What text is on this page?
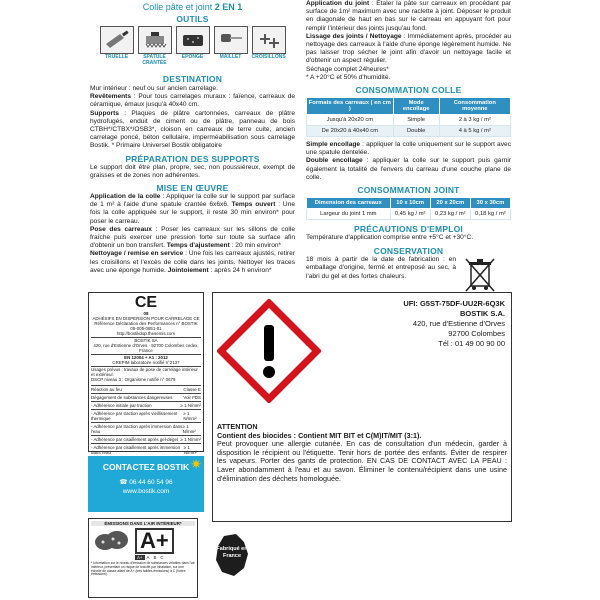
Colle pâte et joint 2 EN 1
OUTILS
TRUELLE	SPATULE CRANTÉE
ÉPONGE	MAILLET	CROISILLONS
DESTINATION
Mur intérieur : neuf ou sur ancien carrelage.
Revêtements : Pour tous carrelages muraux : faïence, carreaux de céramique, émaux jusqu'à 40x40 cm.
Supports : Plaques de plâtre cartonnées, carreaux de plâtre hydrofugés, enduit de ciment ou de plâtre, panneau de bois CTBH*/CTBX*/OSB3*, cloison en carreaux de terre cuite, ancien carrelage poncé, béton cellulaire, imperméabilisation sous carrelage Bostik. * Primaire Universel Bostik obligatoire
PRÉPARATION DES SUPPORTS
Le support doit être plan, propre, sec, non poussiéreux, exempt de graisses et de zones non adhérentes.
MISE EN ŒUVRE
Application de la colle : Appliquer la colle sur le support par surface de 1 m² à l'aide d'une spatule crantée 6x6x6. Temps ouvert : Une fois la colle appliquée sur le support, il reste 30 min environ* pour poser le carreau.
Pose des carreaux : Poser les carreaux sur les sillons de colle fraîche puis exercer une pression forte sur toute sa surface afin d'obtenir un bon transfert. Temps d'ajustement : 20 min environ*
Nettoyage / remise en service : Une fois les carreaux ajustés, retirer les croisillons et l'excès de colle dans les joints. Nettoyer les traces avec une éponge humide. Jointoiement : après 24 h environ*
Application du joint : Étaler la pâte sur carreaux en procédant par surface de 1m² maximum avec une raclette à joint. Déposer le produit en diagonale de haut en bas sur le carreau en appuyant fort pour remplir l'intérieur des joints jusqu'au fond.
Lissage des joints / Nettoyage : Immédiatement après, procéder au nettoyage des carreaux à l'aide d'une éponge légèrement humide. Ne pas laisser trop sécher le joint afin d'avoir un nettoyage facile et d'obtenir un aspect régulier.
Séchage complet 24heures*
* A +20°C et 50% d'humidité.
CONSOMMATION COLLE
Formats des carreaux ( en cm )	Mode encollage	Consommation moyenne
Jusqu'à 20x20 cm	Simple	2 à 3 kg / m²
De 20x20 à 40x40 cm	Double	4 à 5 kg / m²
Simple encollage : appliquer la colle uniquement sur le support avec une spatule dentelée.
Double encollage : appliquer la colle sur le support puis garnir également la totalité de l'envers du carreau d'une couche plane de colle.
CONSOMMATION JOINT
Dimension des carreaux	10 x 10cm	20 x 20cm	30 x 30cm
Largeur du joint 1 mm	0,45 kg / m²	0,23 kg / m²	0,18 kg / m²
PRÉCAUTIONS D'EMPLOI
Température d'application comprise entre +5°C et +30°C.
CONSERVATION
18 mois à partir de la date de fabrication : en emballage d'origine, fermé et entreposé au sec, à l'abri du gel et des fortes chaleurs.
CE
08
ADHÉSIFS EN DISPERSION POUR CARRELAGE CE
Référence Déclaration des Performances n° BOSTIK 05-005-0851-01
http://bostikdop.thesemis.com
BOSTIK SA
420, rue d'Estienne d'Orves · 92700 Colombes cedex, France
EN 12004 + A1 : 2012
CREPIM laboratoire notifié n°2137
Usages prévus : travaux de pose de carrelage intérieur et extérieur.
DSCP niveau 3 : Organisme notifié n° 0679
Réaction au feu	Classe E
Dégagement de substances dangereuses	Voir FDS
- Adhérence initiale par traction	≥ 1 N/mm²
- Adhérence par traction après vieillissement thermique
≥ 1 N/mm²
- Adhérence par traction après immersion dans l'eau
≥ 1 N/mm²
- Adhérence par cisaillement après gel-dégel ≥ 1 N/mm²
- Adhérence par cisaillement après immersion dans l'eau
≥ 1 N/mm²
CONTACTEZ BOSTIK
☎ 06 44 60 54 96
www.bostik.com
✷
ÉMISSIONS DANS L'AIR INTÉRIEUR*
A+
A+ A B C
* Information sur le niveau d'émission de substances volatiles dans l'air intérieur, présentant un risque de toxicité par inhalation, sur une échelle de classe allant de A+ (très faibles émissions) à C (fortes émissions).
Fabriqué en France
UFI: G5ST-75DF-UU2R-6Q3K
BOSTIK S.A.
420, rue d'Estienne d'Orves
92700 Colombes
Tél : 01 49 00 90 00
ATTENTION
Contient des biocides : Contient MIT BIT et C(M)IT/MIT (3:1).
Peut provoquer une allergie cutanée. En cas de consultation d'un médecin, garder à disposition le récipient ou l'étiquette. Tenir hors de portée des enfants. Éviter de respirer les vapeurs. Porter des gants de protection. EN CAS DE CONTACT AVEC LA PEAU : Laver abondamment à l'eau et au savon. Éliminer le contenu/récipient dans une usine d'élimination des déchets homologuée.
